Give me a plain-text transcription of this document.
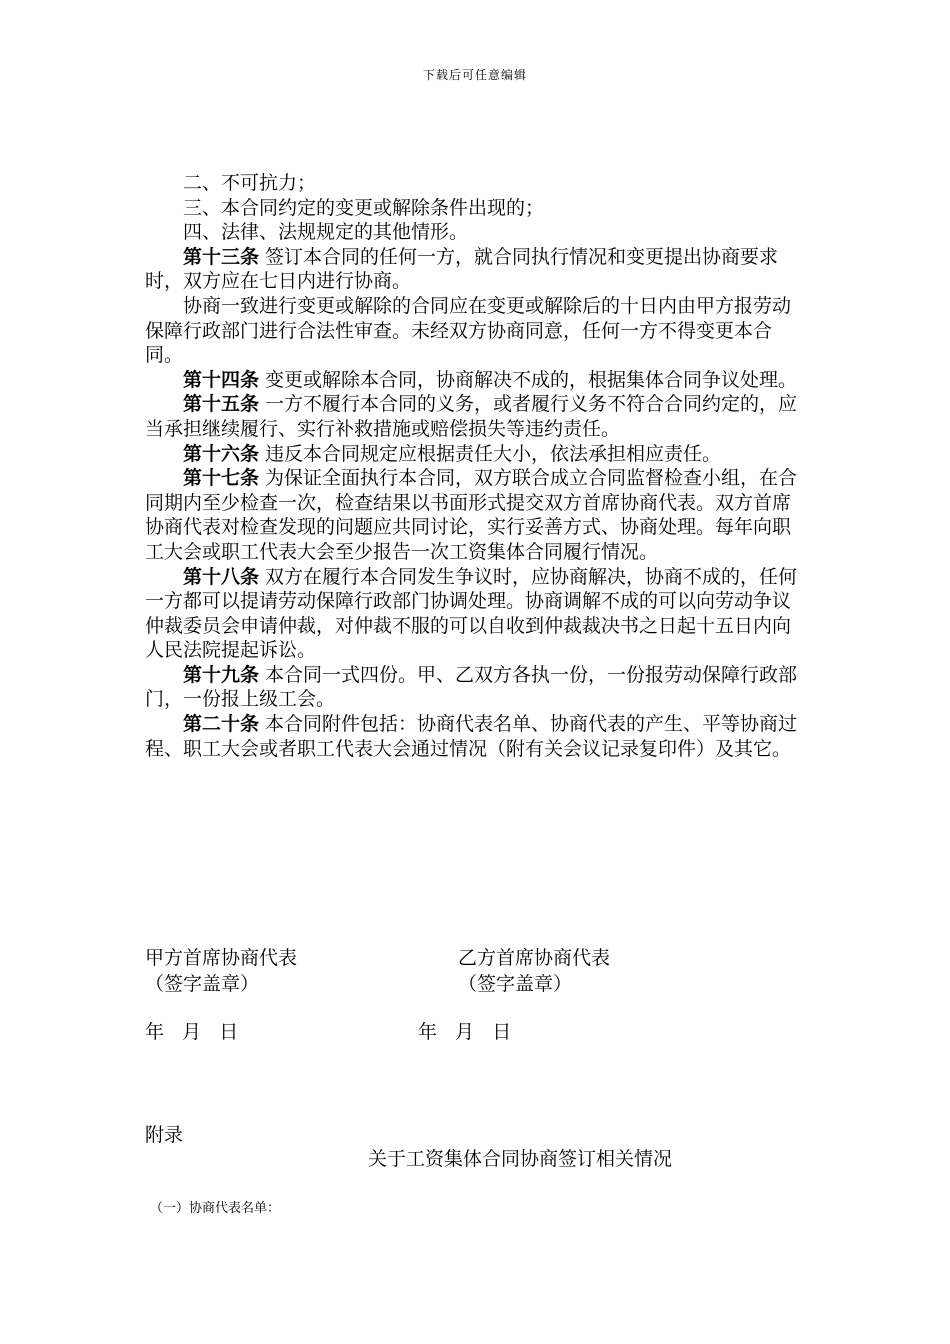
下载后可任意编辑

二、不可抗力；

三、本合同约定的变更或解除条件出现的；

四、法律、法规规定的其他情形。

第十三条 签订本合同的任何一方，就合同执行情况和变更提出协商要求时，双方应在七日内进行协商。

协商一致进行变更或解除的合同应在变更或解除后的十日内由甲方报劳动保障行政部门进行合法性审查。未经双方协商同意，任何一方不得变更本合同。

第十四条 变更或解除本合同，协商解决不成的，根据集体合同争议处理。

第十五条 一方不履行本合同的义务，或者履行义务不符合合同约定的，应当承担继续履行、实行补救措施或赔偿损失等违约责任。

第十六条 违反本合同规定应根据责任大小，依法承担相应责任。

第十七条 为保证全面执行本合同，双方联合成立合同监督检查小组，在合同期内至少检查一次，检查结果以书面形式提交双方首席协商代表。双方首席协商代表对检查发现的问题应共同讨论，实行妥善方式、协商处理。每年向职工大会或职工代表大会至少报告一次工资集体合同履行情况。

第十八条 双方在履行本合同发生争议时，应协商解决，协商不成的，任何一方都可以提请劳动保障行政部门协调处理。协商调解不成的可以向劳动争议仲裁委员会申请仲裁，对仲裁不服的可以自收到仲裁裁决书之日起十五日内向人民法院提起诉讼。

第十九条 本合同一式四份。甲、乙双方各执一份，一份报劳动保障行政部门，一份报上级工会。

第二十条 本合同附件包括：协商代表名单、协商代表的产生、平等协商过程、职工大会或者职工代表大会通过情况（附有关会议记录复印件）及其它。

甲方首席协商代表
（签字盖章）
乙方首席协商代表
（签字盖章）
年   月   日	年   月   日
附录
关于工资集体合同协商签订相关情况
（一）协商代表名单：
